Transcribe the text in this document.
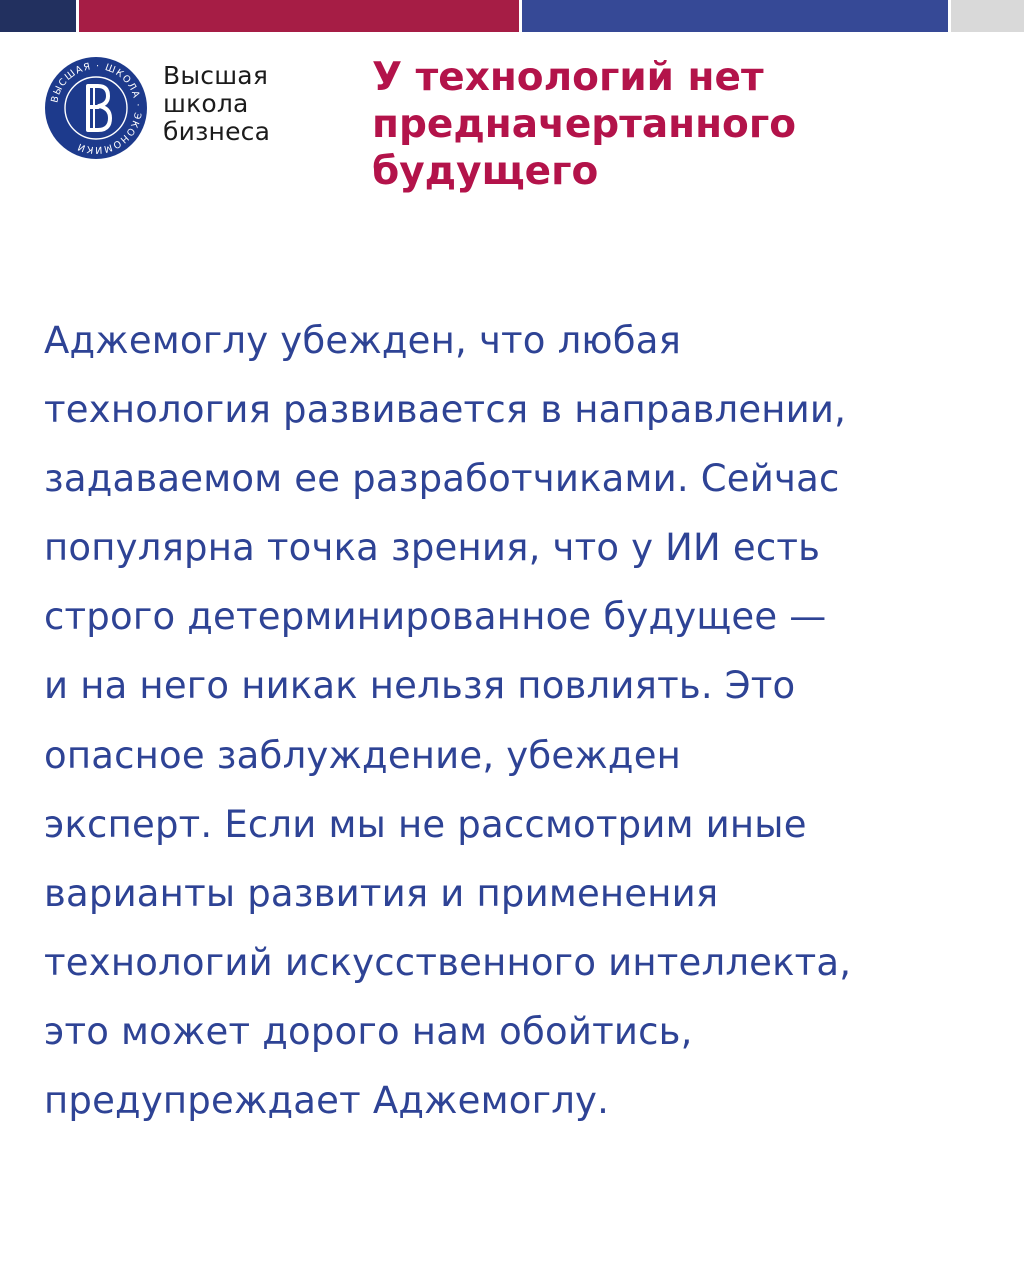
ВЫСШАЯ · ШКОЛА · ЭКОНОМИКИ
Высшая
школа
бизнеса
У технологий нет
предначертанного
будущего
Аджемоглу убежден, что любая
технология развивается в направлении,
задаваемом ее разработчиками. Сейчас
популярна точка зрения, что у ИИ есть
строго детерминированное будущее —
и на него никак нельзя повлиять. Это
опасное заблуждение, убежден
эксперт. Если мы не рассмотрим иные
варианты развития и применения
технологий искусственного интеллекта,
это может дорого нам обойтись,
предупреждает Аджемоглу.
